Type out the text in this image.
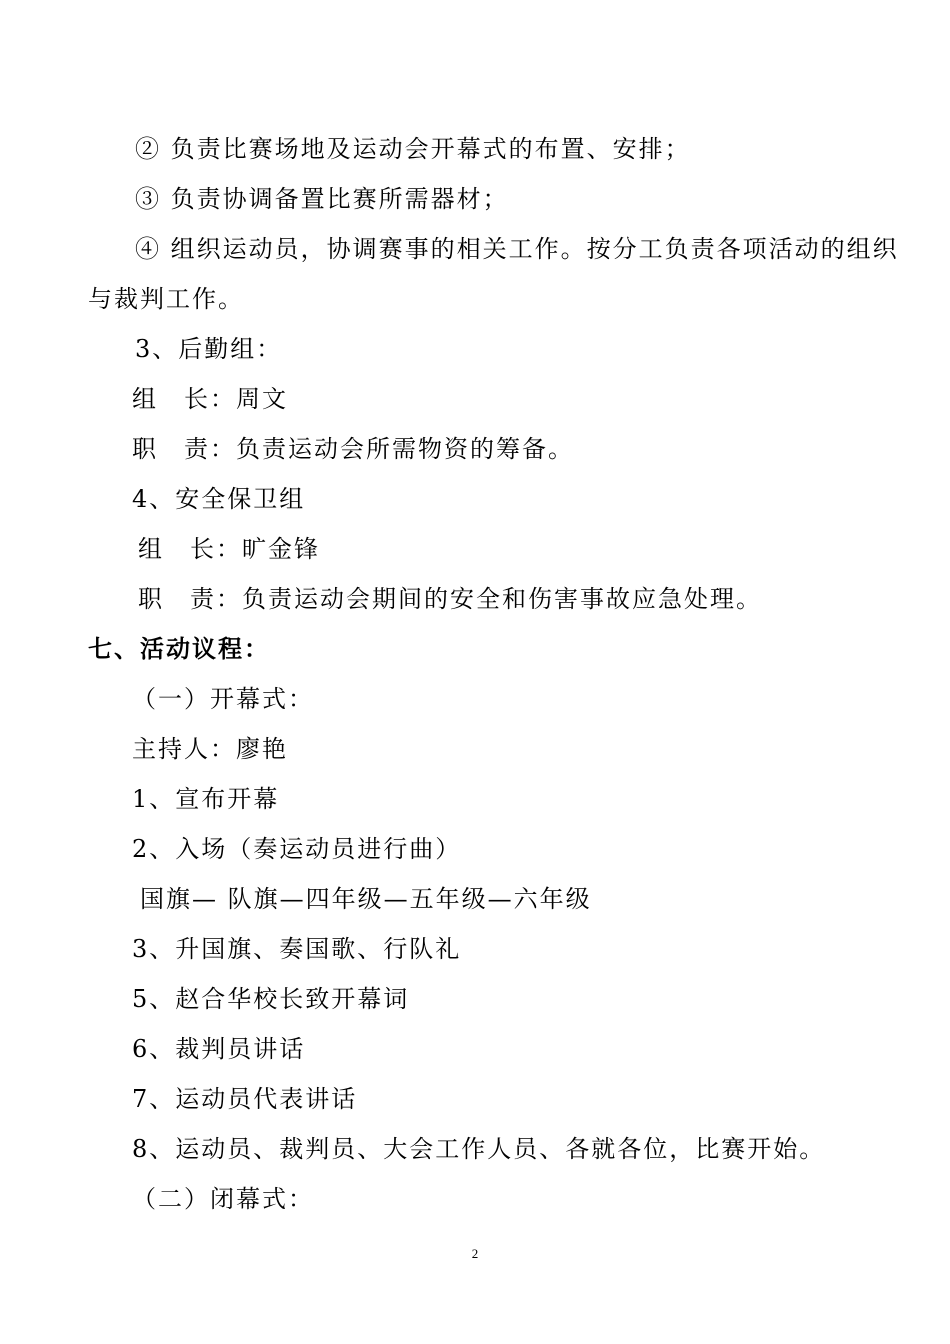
② 负责比赛场地及运动会开幕式的布置、安排；
③ 负责协调备置比赛所需器材；
④ 组织运动员，协调赛事的相关工作。按分工负责各项活动的组织
与裁判工作。
3、后勤组：
组　长：周文
职　责：负责运动会所需物资的筹备。
4、安全保卫组
组　长：旷金锋
职　责：负责运动会期间的安全和伤害事故应急处理。
七、活动议程：
（一）开幕式：
主持人：廖艳
1、宣布开幕
2、入场（奏运动员进行曲）
国旗— 队旗—四年级—五年级—六年级
3、升国旗、奏国歌、行队礼
5、赵合华校长致开幕词
6、裁判员讲话
7、运动员代表讲话
8、运动员、裁判员、大会工作人员、各就各位，比赛开始。
（二）闭幕式：
2
